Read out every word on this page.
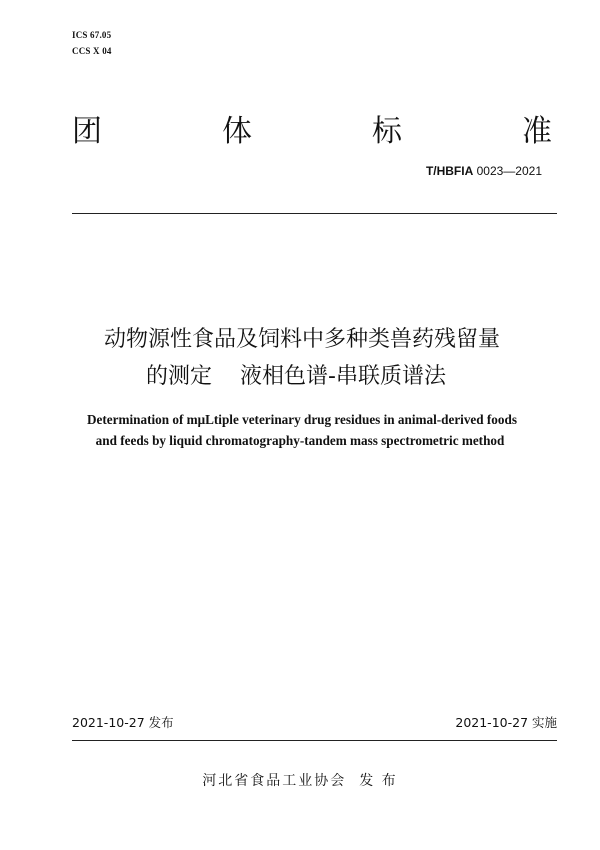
ICS 67.05
CCS X 04
团	体	标	准
T/HBFIA 0023—2021
动物源性食品及饲料中多种类兽药残留量
的测定    液相色谱-串联质谱法
Determination of mμLtiple veterinary drug residues in animal-derived foods
and feeds by liquid chromatography-tandem mass spectrometric method
2021-10-27 发布	2021-10-27 实施
河北省食品工业协会  发 布
